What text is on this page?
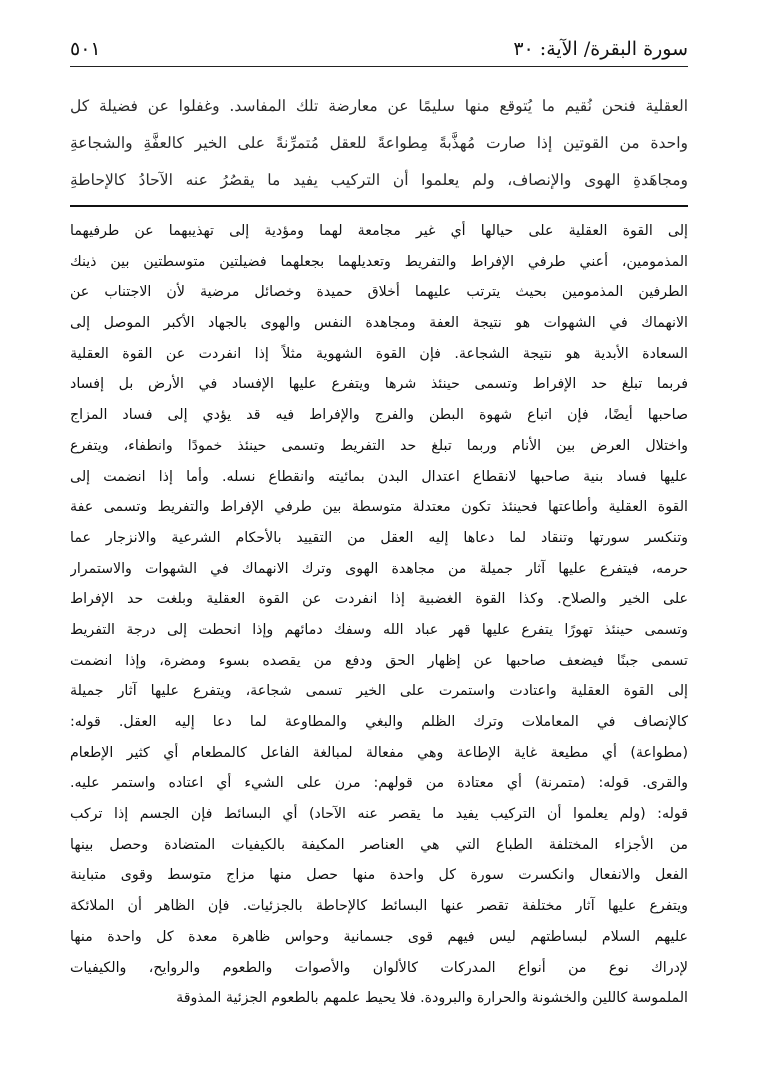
سورة البقرة/ الآية: ٣٠
٥٠١
العقلية فنحن نُقيم ما يُتوقع منها سليمًا عن معارضة تلك المفاسد. وغفلوا عن فضيلة كل
واحدة من القوتين إذا صارت مُهذَّبةً مِطواعةً للعقل مُتمرِّنةً على الخير كالعفَّةِ والشجاعةِ
ومجاهَدةِ الهوى والإنصاف، ولم يعلموا أن التركيب يفيد ما يقصُرُ عنه الآحادُ كالإحاطةِ
إلى القوة العقلية على حيالها أي غير مجامعة لهما ومؤدية إلى تهذيبهما عن طرفيهما
المذمومين، أعني طرفي الإفراط والتفريط وتعديلهما بجعلهما فضيلتين متوسطتين بين ذينك
الطرفين المذمومين بحيث يترتب عليهما أخلاق حميدة وخصائل مرضية لأن الاجتناب عن
الانهماك في الشهوات هو نتيجة العفة ومجاهدة النفس والهوى بالجهاد الأكبر الموصل إلى
السعادة الأبدية هو نتيجة الشجاعة. فإن القوة الشهوية مثلاً إذا انفردت عن القوة العقلية
فربما تبلغ حد الإفراط وتسمى حينئذ شرها ويتفرع عليها الإفساد في الأرض بل إفساد
صاحبها أيضًا، فإن اتباع شهوة البطن والفرج والإفراط فيه قد يؤدي إلى فساد المزاج
واختلال العرض بين الأنام وربما تبلغ حد التفريط وتسمى حينئذ خمودًا وانطفاء، ويتفرع
عليها فساد بنية صاحبها لانقطاع اعتدال البدن بمائيته وانقطاع نسله. وأما إذا انضمت إلى
القوة العقلية وأطاعتها فحينئذ تكون معتدلة متوسطة بين طرفي الإفراط والتفريط وتسمى عفة
وتنكسر سورتها وتنقاد لما دعاها إليه العقل من التقييد بالأحكام الشرعية والانزجار عما
حرمه، فيتفرع عليها آثار جميلة من مجاهدة الهوى وترك الانهماك في الشهوات والاستمرار
على الخير والصلاح. وكذا القوة الغضبية إذا انفردت عن القوة العقلية وبلغت حد الإفراط
وتسمى حينئذ تهورًا يتفرع عليها قهر عباد الله وسفك دمائهم وإذا انحطت إلى درجة التفريط
تسمى جبنًا فيضعف صاحبها عن إظهار الحق ودفع من يقصده بسوء ومضرة، وإذا انضمت
إلى القوة العقلية واعتادت واستمرت على الخير تسمى شجاعة، ويتفرع عليها آثار جميلة
كالإنصاف في المعاملات وترك الظلم والبغي والمطاوعة لما دعا إليه العقل. قوله:
(مطواعة) أي مطيعة غاية الإطاعة وهي مفعالة لمبالغة الفاعل كالمطعام أي كثير الإطعام
والقرى. قوله: (متمرنة) أي معتادة من قولهم: مرن على الشيء أي اعتاده واستمر عليه.
قوله: (ولم يعلموا أن التركيب يفيد ما يقصر عنه الآحاد) أي البسائط فإن الجسم إذا تركب
من الأجزاء المختلفة الطباع التي هي العناصر المكيفة بالكيفيات المتضادة وحصل بينها
الفعل والانفعال وانكسرت سورة كل واحدة منها حصل منها مزاج متوسط وقوى متباينة
ويتفرع عليها آثار مختلفة تقصر عنها البسائط كالإحاطة بالجزئيات. فإن الظاهر أن الملائكة
عليهم السلام لبساطتهم ليس فيهم قوى جسمانية وحواس ظاهرة معدة كل واحدة منها
لإدراك نوع من أنواع المدركات كالألوان والأصوات والطعوم والروايح، والكيفيات
الملموسة كاللين والخشونة والحرارة والبرودة. فلا يحيط علمهم بالطعوم الجزئية المذوقة
